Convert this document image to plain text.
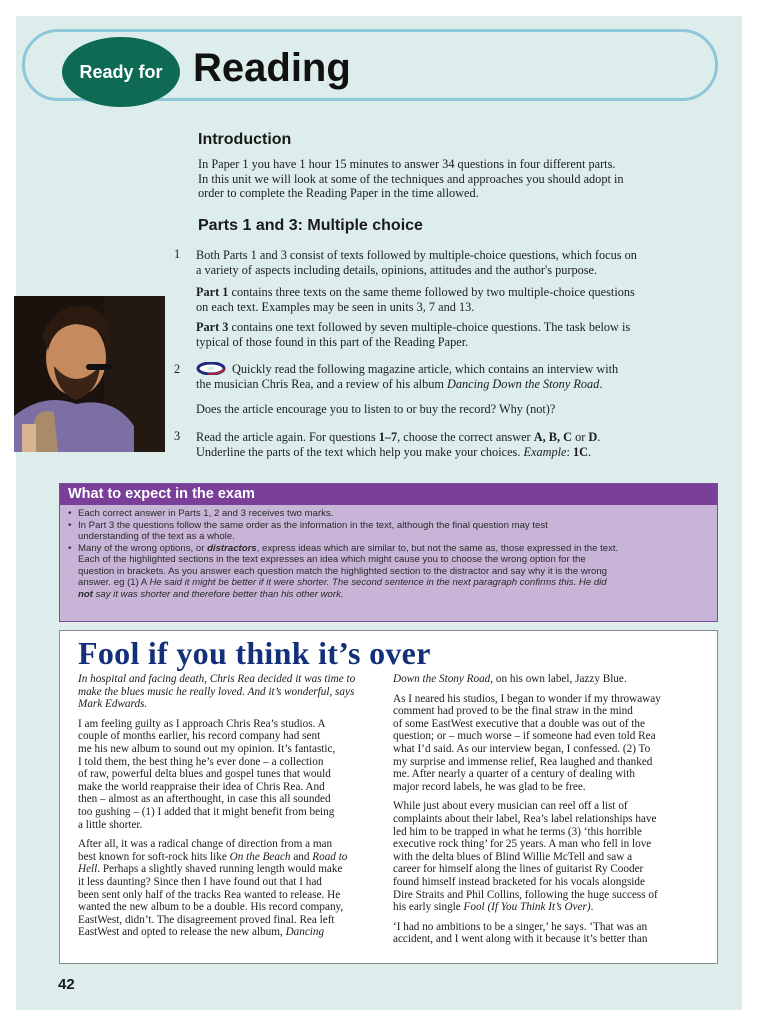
Ready for Reading
Introduction
In Paper 1 you have 1 hour 15 minutes to answer 34 questions in four different parts.
In this unit we will look at some of the techniques and approaches you should adopt in
order to complete the Reading Paper in the time allowed.
Parts 1 and 3: Multiple choice
1 Both Parts 1 and 3 consist of texts followed by multiple-choice questions, which focus on
a variety of aspects including details, opinions, attitudes and the author's purpose.
Part 1 contains three texts on the same theme followed by two multiple-choice questions
on each text. Examples may be seen in units 3, 7 and 13.
Part 3 contains one text followed by seven multiple-choice questions. The task below is
typical of those found in this part of the Reading Paper.
2	Quickly read the following magazine article, which contains an interview with
the musician Chris Rea, and a review of his album Dancing Down the Stony Road.
Does the article encourage you to listen to or buy the record? Why (not)?
3 Read the article again. For questions 1–7, choose the correct answer A, B, C or D.
Underline the parts of the text which help you make your choices. Example: 1C.
What to expect in the exam
• Each correct answer in Parts 1, 2 and 3 receives two marks.
• In Part 3 the questions follow the same order as the information in the text, although the final question may test
understanding of the text as a whole.
• Many of the wrong options, or distractors, express ideas which are similar to, but not the same as, those expressed in the text.
Each of the highlighted sections in the text expresses an idea which might cause you to choose the wrong option for the
question in brackets. As you answer each question match the highlighted section to the distractor and say why it is the wrong
answer. eg (1) A He said it might be better if it were shorter. The second sentence in the next paragraph confirms this. He did
not say it was shorter and therefore better than his other work.
Fool if you think it’s over

In hospital and facing death, Chris Rea decided it was time to
make the blues music he really loved. And it’s wonderful, says
Mark Edwards.

I am feeling guilty as I approach Chris Rea’s studios. A
couple of months earlier, his record company had sent
me his new album to sound out my opinion. It’s fantastic,
I told them, the best thing he’s ever done – a collection
of raw, powerful delta blues and gospel tunes that would
make the world reappraise their idea of Chris Rea. And
then – almost as an afterthought, in case this all sounded
too gushing – (1) I added that it might benefit from being
a little shorter.

After all, it was a radical change of direction from a man
best known for soft-rock hits like On the Beach and Road to
Hell. Perhaps a slightly shaved running length would make
it less daunting? Since then I have found out that I had
been sent only half of the tracks Rea wanted to release. He
wanted the new album to be a double. His record company,
EastWest, didn’t. The disagreement proved final. Rea left
EastWest and opted to release the new album, Dancing

Down the Stony Road, on his own label, Jazzy Blue.

As I neared his studios, I began to wonder if my throwaway
comment had proved to be the final straw in the mind
of some EastWest executive that a double was out of the
question; or – much worse – if someone had even told Rea
what I’d said. As our interview began, I confessed. (2) To
my surprise and immense relief, Rea laughed and thanked
me. After nearly a quarter of a century of dealing with
major record labels, he was glad to be free.

While just about every musician can reel off a list of
complaints about their label, Rea’s label relationships have
led him to be trapped in what he terms (3) ‘this horrible
executive rock thing’ for 25 years. A man who fell in love
with the delta blues of Blind Willie McTell and saw a
career for himself along the lines of guitarist Ry Cooder
found himself instead bracketed for his vocals alongside
Dire Straits and Phil Collins, following the huge success of
his early single Fool (If You Think It’s Over).

‘I had no ambitions to be a singer,’ he says. ‘That was an
accident, and I went along with it because it’s better than

42
